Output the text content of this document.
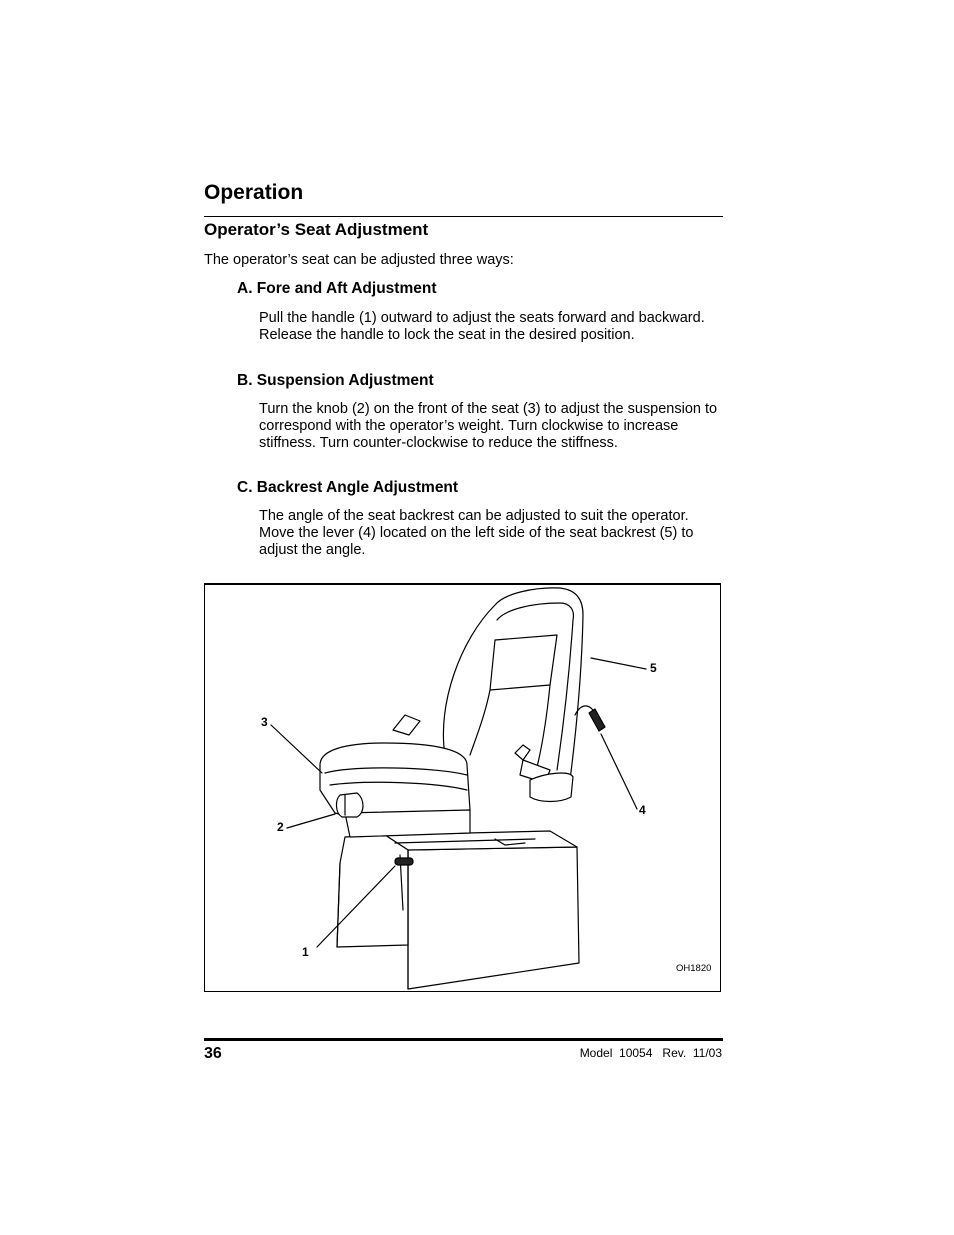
Operation
Operator’s Seat Adjustment
The operator’s seat can be adjusted three ways:
A. Fore and Aft Adjustment
Pull the handle (1) outward to adjust the seats forward and backward. Release the handle to lock the seat in the desired position.
B. Suspension Adjustment
Turn the knob (2) on the front of the seat (3) to adjust the suspension to correspond with the operator’s weight. Turn clockwise to increase stiffness. Turn counter-clockwise to reduce the stiffness.
C. Backrest Angle Adjustment
The angle of the seat backrest can be adjusted to suit the operator. Move the lever (4) located on the left side of the seat backrest (5) to adjust the angle.
3
2
1
4
5
OH1820
36	Model  10054   Rev.  11/03
